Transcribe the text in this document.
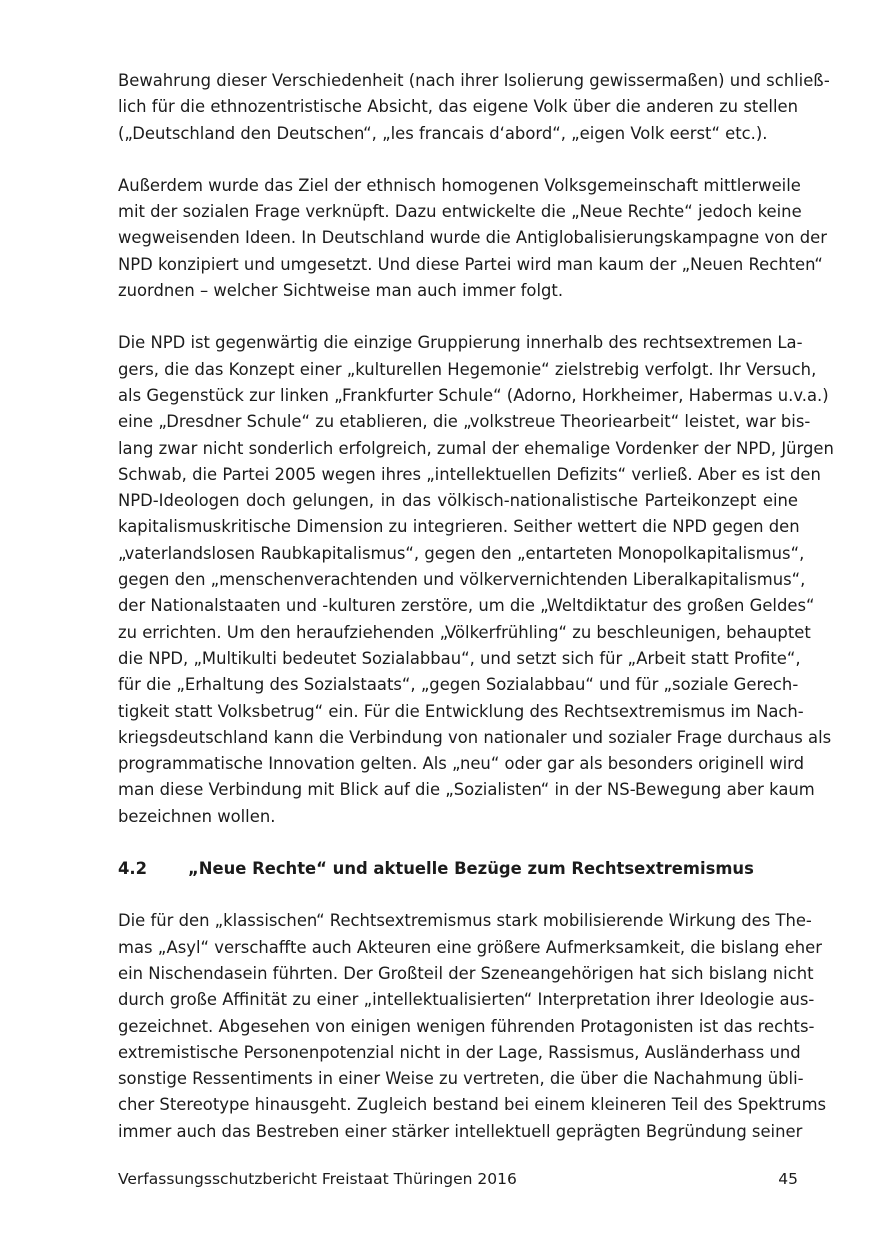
Bewahrung dieser Verschiedenheit (nach ihrer Isolierung gewissermaßen) und schließ-
lich für die ethnozentristische Absicht, das eigene Volk über die anderen zu stellen
(„Deutschland den Deutschen“, „les francais d‘abord“, „eigen Volk eerst“ etc.).

Außerdem wurde das Ziel der ethnisch homogenen Volksgemeinschaft mittlerweile
mit der sozialen Frage verknüpft. Dazu entwickelte die „Neue Rechte“ jedoch keine
wegweisenden Ideen. In Deutschland wurde die Antiglobalisierungskampagne von der
NPD konzipiert und umgesetzt. Und diese Partei wird man kaum der „Neuen Rechten“
zuordnen – welcher Sichtweise man auch immer folgt.

Die NPD ist gegenwärtig die einzige Gruppierung innerhalb des rechtsextremen La-
gers, die das Konzept einer „kulturellen Hegemonie“ zielstrebig verfolgt. Ihr Versuch,
als Gegenstück zur linken „Frankfurter Schule“ (Adorno, Horkheimer, Habermas u.v.a.)
eine „Dresdner Schule“ zu etablieren, die „volkstreue Theoriearbeit“ leistet, war bis-
lang zwar nicht sonderlich erfolgreich, zumal der ehemalige Vordenker der NPD, Jürgen
Schwab, die Partei 2005 wegen ihres „intellektuellen Defizits“ verließ. Aber es ist den
NPD-Ideologen doch gelungen, in das völkisch-nationalistische Parteikonzept eine
kapitalismuskritische Dimension zu integrieren. Seither wettert die NPD gegen den
„vaterlandslosen Raubkapitalismus“, gegen den „entarteten Monopolkapitalismus“,
gegen den „menschenverachtenden und völkervernichtenden Liberalkapitalismus“,
der Nationalstaaten und -kulturen zerstöre, um die „Weltdiktatur des großen Geldes“
zu errichten. Um den heraufziehenden „Völkerfrühling“ zu beschleunigen, behauptet
die NPD, „Multikulti bedeutet Sozialabbau“, und setzt sich für „Arbeit statt Profite“,
für die „Erhaltung des Sozialstaats“, „gegen Sozialabbau“ und für „soziale Gerech-
tigkeit statt Volksbetrug“ ein. Für die Entwicklung des Rechtsextremismus im Nach-
kriegsdeutschland kann die Verbindung von nationaler und sozialer Frage durchaus als
programmatische Innovation gelten. Als „neu“ oder gar als besonders originell wird
man diese Verbindung mit Blick auf die „Sozialisten“ in der NS-Bewegung aber kaum
bezeichnen wollen.

4.2	„Neue Rechte“ und aktuelle Bezüge zum Rechtsextremismus

Die für den „klassischen“ Rechtsextremismus stark mobilisierende Wirkung des The-
mas „Asyl“ verschaffte auch Akteuren eine größere Aufmerksamkeit, die bislang eher
ein Nischendasein führten. Der Großteil der Szeneangehörigen hat sich bislang nicht
durch große Affinität zu einer „intellektualisierten“ Interpretation ihrer Ideologie aus-
gezeichnet. Abgesehen von einigen wenigen führenden Protagonisten ist das rechts-
extremistische Personenpotenzial nicht in der Lage, Rassismus, Ausländerhass und
sonstige Ressentiments in einer Weise zu vertreten, die über die Nachahmung übli-
cher Stereotype hinausgeht. Zugleich bestand bei einem kleineren Teil des Spektrums
immer auch das Bestreben einer stärker intellektuell geprägten Begründung seiner

Verfassungsschutzbericht Freistaat Thüringen 2016	45
